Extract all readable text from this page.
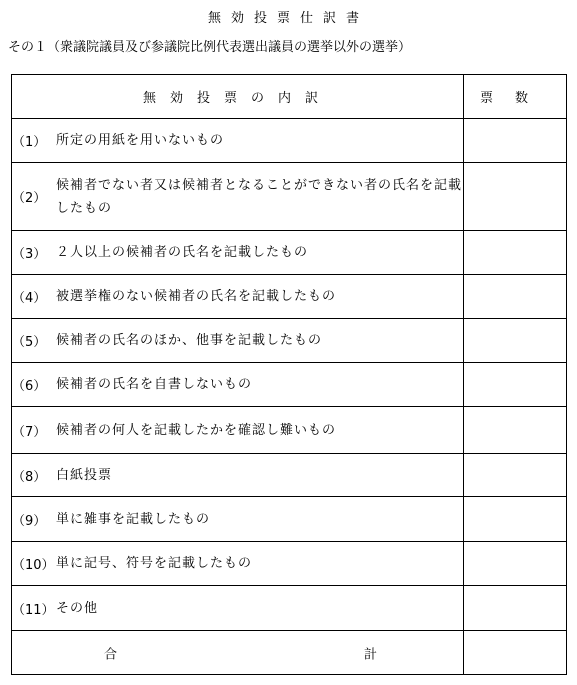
無効投票仕訳書
その１（衆議院議員及び参議院比例代表選出議員の選挙以外の選挙）
無効投票の内訳	票数

（1） 所定の用紙を用いないもの	

（2）
候補者でない者又は候補者となることができない者の氏名を記載したもの	

（3） ２人以上の候補者の氏名を記載したもの	

（4） 被選挙権のない候補者の氏名を記載したもの	

（5） 候補者の氏名のほか、他事を記載したもの	

（6） 候補者の氏名を自書しないもの	

（7） 候補者の何人を記載したかを確認し難いもの	

（8） 白紙投票	

（9） 単に雑事を記載したもの	

（10） 単に記号、符号を記載したもの	

（11） その他	

合 計	
